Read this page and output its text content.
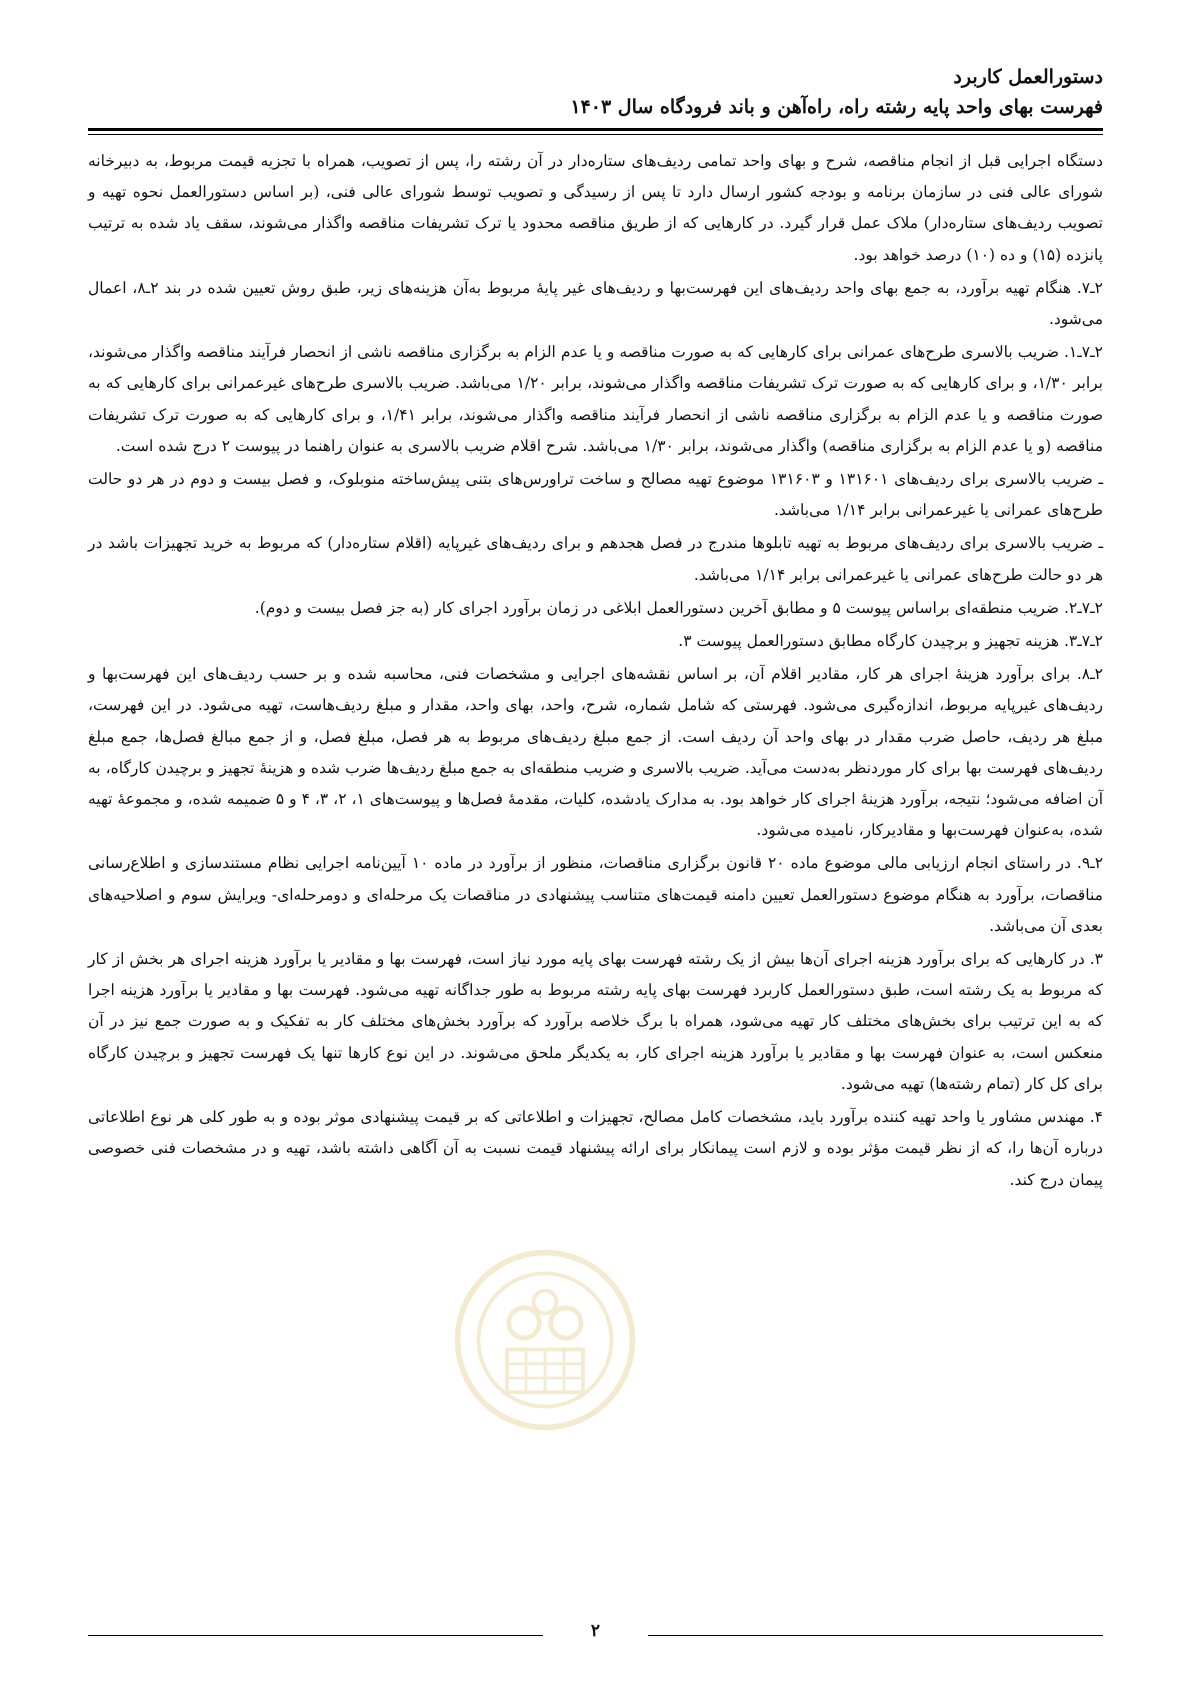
دستورالعمل کاربرد
فهرست بهای واحد پایه رشته راه، راه‌آهن و باند فرودگاه سال ۱۴۰۳

دستگاه اجرایی قبل از انجام مناقصه، شرح و بهای واحد تمامی ردیف‌های ستاره‌دار در آن رشته را، پس از تصویب، همراه با تجزیه قیمت مربوط، به دبیرخانه شورای عالی فنی در سازمان برنامه و بودجه کشور ارسال دارد تا پس از رسیدگی و تصویب توسط شورای عالی فنی، (بر اساس دستورالعمل نحوه تهیه و تصویب ردیف‌های ستاره‌دار) ملاک عمل قرار گیرد. در کارهایی که از طریق مناقصه محدود یا ترک تشریفات مناقصه واگذار می‌شوند، سقف یاد شده به ترتیب پانزده (۱۵) و ده (۱۰) درصد خواهد بود.

۲ـ۷. هنگام تهیه برآورد، به جمع بهای واحد ردیف‌های این فهرست‌بها و ردیف‌های غیر پایهٔ مربوط به‌آن هزینه‌های زیر، طبق روش تعیین شده در بند ۲ـ۸، اعمال می‌شود.

۲ـ۷ـ۱. ضریب بالاسری طرح‌های عمرانی برای کارهایی که به صورت مناقصه و یا عدم الزام به برگزاری مناقصه ناشی از انحصار فرآیند مناقصه واگذار می‌شوند، برابر ۱/۳۰، و برای کارهایی که به صورت ترک تشریفات مناقصه واگذار می‌شوند، برابر ۱/۲۰ می‌باشد. ضریب بالاسری طرح‌های غیرعمرانی برای کارهایی که به صورت مناقصه و یا عدم الزام به برگزاری مناقصه ناشی از انحصار فرآیند مناقصه واگذار می‌شوند، برابر ۱/۴۱، و برای کارهایی که به صورت ترک تشریفات مناقصه (و یا عدم الزام به برگزاری مناقصه) واگذار می‌شوند، برابر ۱/۳۰ می‌باشد. شرح اقلام ضریب بالاسری به عنوان راهنما در پیوست ۲ درج شده است.

ـ ضریب بالاسری برای ردیف‌های ۱۳۱۶۰۱ و ۱۳۱۶۰۳ موضوع تهیه مصالح و ساخت تراورس‌های بتنی پیش‌ساخته منوبلوک، و فصل بیست و دوم در هر دو حالت طرح‌های عمرانی یا غیرعمرانی برابر ۱/۱۴ می‌باشد.

ـ ضریب بالاسری برای ردیف‌های مربوط به تهیه تابلوها مندرج در فصل هجدهم و برای ردیف‌های غیرپایه (اقلام ستاره‌دار) که مربوط به خرید تجهیزات باشد در هر دو حالت طرح‌های عمرانی یا غیرعمرانی برابر ۱/۱۴ می‌باشد.

۲ـ۷ـ۲. ضریب منطقه‌ای براساس پیوست ۵ و مطابق آخرین دستورالعمل ابلاغی در زمان برآورد اجرای کار (به جز فصل بیست و دوم).

۲ـ۷ـ۳. هزینه تجهیز و برچیدن کارگاه مطابق دستورالعمل پیوست ۳.

۲ـ۸. برای برآورد هزینهٔ اجرای هر کار، مقادیر اقلام آن، بر اساس نقشه‌های اجرایی و مشخصات فنی، محاسبه شده و بر حسب ردیف‌های این فهرست‌بها و ردیف‌های غیرپایه مربوط، اندازه‌گیری می‌شود. فهرستی که شامل شماره، شرح، واحد، بهای واحد، مقدار و مبلغ ردیف‌هاست، تهیه می‌شود. در این فهرست، مبلغ هر ردیف، حاصل ضرب مقدار در بهای واحد آن ردیف است. از جمع مبلغ ردیف‌های مربوط به هر فصل، مبلغ فصل، و از جمع مبالغ فصل‌ها، جمع مبلغ ردیف‌های فهرست بها برای کار موردنظر به‌دست می‌آید. ضریب بالاسری و ضریب منطقه‌ای به جمع مبلغ ردیف‌ها ضرب شده و هزینهٔ تجهیز و برچیدن کارگاه، به آن اضافه می‌شود؛ نتیجه، برآورد هزینهٔ اجرای کار خواهد بود. به مدارک یادشده، کلیات، مقدمهٔ فصل‌ها و پیوست‌های ۱، ۲، ۳، ۴ و ۵ ضمیمه شده، و مجموعهٔ تهیه شده، به‌عنوان فهرست‌بها و مقادیرکار، نامیده می‌شود.

۲ـ۹. در راستای انجام ارزیابی مالی موضوع ماده ۲۰ قانون برگزاری مناقصات، منظور از برآورد در ماده ۱۰ آیین‌نامه اجرایی نظام مستندسازی و اطلاع‌رسانی مناقصات، برآورد به هنگام موضوع دستورالعمل تعیین دامنه قیمت‌های متناسب پیشنهادی در مناقصات یک مرحله‌ای و دومرحله‌ای- ویرایش سوم و اصلاحیه‌های بعدی آن می‌باشد.

۳. در کارهایی که برای برآورد هزینه اجرای آن‌ها بیش از یک رشته فهرست بهای پایه مورد نیاز است، فهرست بها و مقادیر یا برآورد هزینه اجرای هر بخش از کار که مربوط به یک رشته است، طبق دستورالعمل کاربرد فهرست بهای پایه رشته مربوط به طور جداگانه تهیه می‌شود. فهرست بها و مقادیر یا برآورد هزینه اجرا که به این ترتیب برای بخش‌های مختلف کار تهیه می‌شود، همراه با برگ خلاصه برآورد که برآورد بخش‌های مختلف کار به تفکیک و به صورت جمع نیز در آن منعکس است، به عنوان فهرست بها و مقادیر یا برآورد هزینه اجرای کار، به یکدیگر ملحق می‌شوند. در این نوع کارها تنها یک فهرست تجهیز و برچیدن کارگاه برای کل کار (تمام رشته‌ها) تهیه می‌شود.

۴. مهندس مشاور یا واحد تهیه کننده برآورد باید، مشخصات کامل مصالح، تجهیزات و اطلاعاتی که بر قیمت پیشنهادی موثر بوده و به طور کلی هر نوع اطلاعاتی درباره آن‌ها را، که از نظر قیمت مؤثر بوده و لازم است پیمانکار برای ارائه پیشنهاد قیمت نسبت به آن آگاهی داشته باشد، تهیه و در مشخصات فنی خصوصی پیمان درج کند.

۲
